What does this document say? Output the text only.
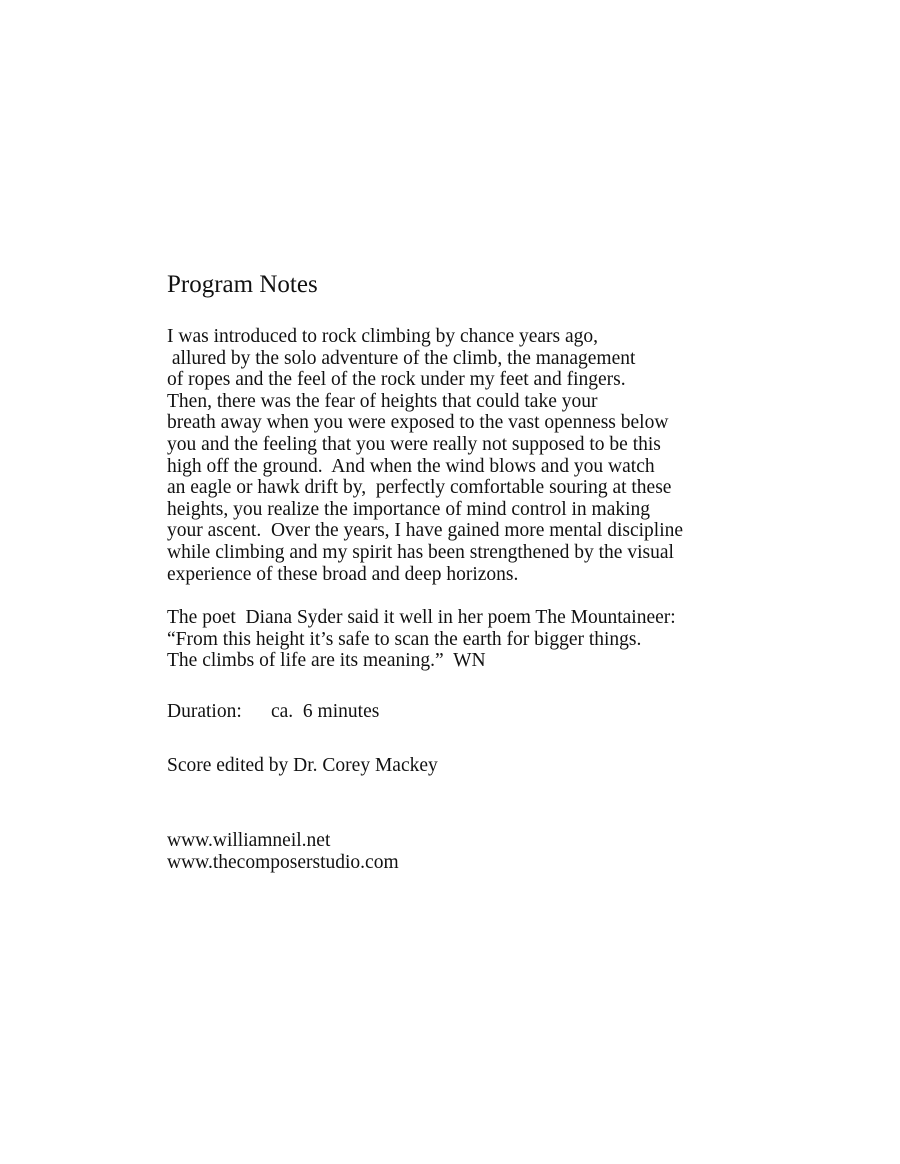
Program Notes
I was introduced to rock climbing by chance years ago,
allured by the solo adventure of the climb, the management
of ropes and the feel of the rock under my feet and fingers.
Then, there was the fear of heights that could take your
breath away when you were exposed to the vast openness below
you and the feeling that you were really not supposed to be this
high off the ground.  And when the wind blows and you watch
an eagle or hawk drift by,  perfectly comfortable souring at these
heights, you realize the importance of mind control in making
your ascent.  Over the years, I have gained more mental discipline
while climbing and my spirit has been strengthened by the visual
experience of these broad and deep horizons.
The poet  Diana Syder said it well in her poem The Mountaineer:
“From this height it’s safe to scan the earth for bigger things.
The climbs of life are its meaning.”  WN
Duration: ca.  6 minutes
Score edited by Dr. Corey Mackey
www.williamneil.net
www.thecomposerstudio.com
